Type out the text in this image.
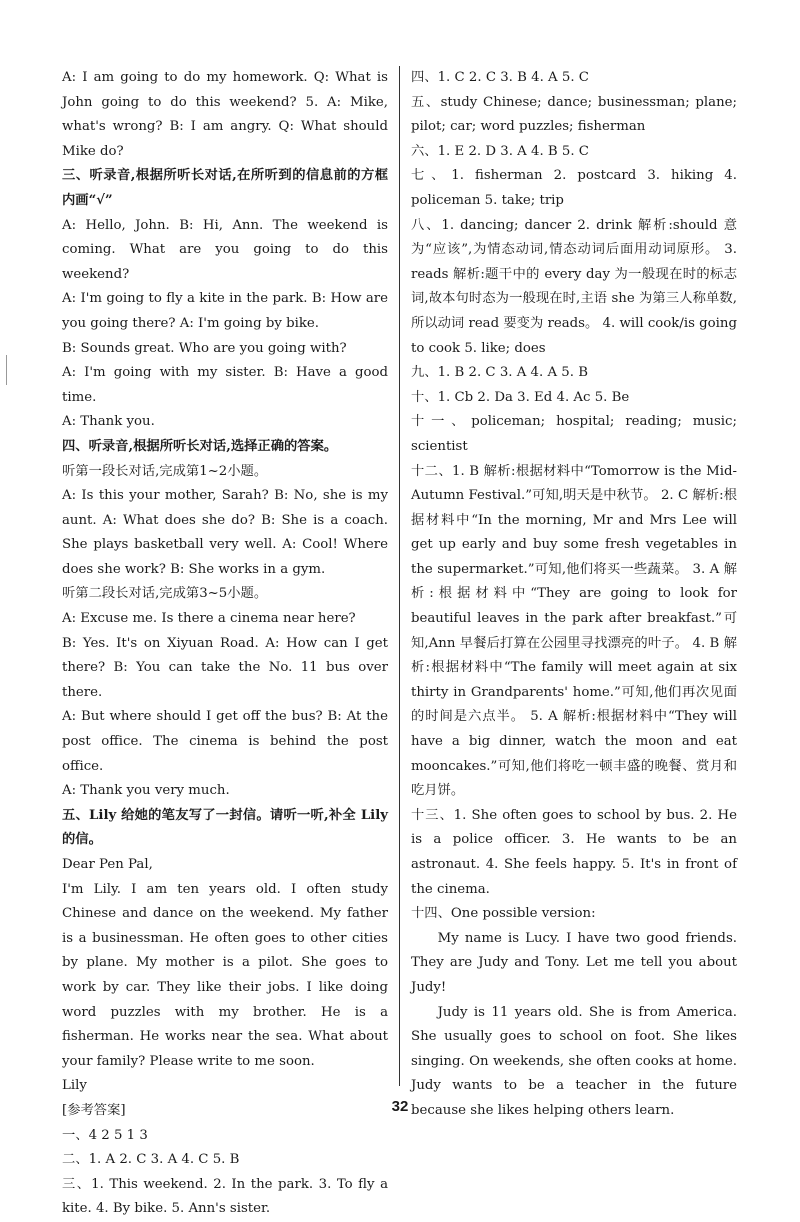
A: I am going to do my homework. Q: What is John going to do this weekend? 5. A: Mike, what's wrong? B: I am angry. Q: What should Mike do?
三、听录音,根据所听长对话,在所听到的信息前的方框内画“√”
A: Hello, John. B: Hi, Ann. The weekend is coming. What are you going to do this weekend?
A: I'm going to fly a kite in the park. B: How are you going there? A: I'm going by bike.
B: Sounds great. Who are you going with?
A: I'm going with my sister. B: Have a good time.
A: Thank you.
四、听录音,根据所听长对话,选择正确的答案。
听第一段长对话,完成第1~2小题。
A: Is this your mother, Sarah? B: No, she is my aunt. A: What does she do? B: She is a coach. She plays basketball very well. A: Cool! Where does she work? B: She works in a gym.
听第二段长对话,完成第3~5小题。
A: Excuse me. Is there a cinema near here?
B: Yes. It's on Xiyuan Road. A: How can I get there? B: You can take the No. 11 bus over there.
A: But where should I get off the bus? B: At the post office. The cinema is behind the post office.
A: Thank you very much.
五、Lily 给她的笔友写了一封信。请听一听,补全 Lily 的信。
Dear Pen Pal,
I'm Lily. I am ten years old. I often study Chinese and dance on the weekend. My father is a businessman. He often goes to other cities by plane. My mother is a pilot. She goes to work by car. They like their jobs. I like doing word puzzles with my brother. He is a fisherman. He works near the sea. What about your family? Please write to me soon.
Lily
[参考答案]
一、4 2 5 1 3
二、1. A 2. C 3. A 4. C 5. B
三、1. This weekend. 2. In the park. 3. To fly a kite. 4. By bike. 5. Ann's sister.
四、1. C 2. C 3. B 4. A 5. C
五、study Chinese; dance; businessman; plane; pilot; car; word puzzles; fisherman
六、1. E 2. D 3. A 4. B 5. C
七、1. fisherman 2. postcard 3. hiking 4. policeman 5. take; trip
八、1. dancing; dancer 2. drink 解析:should 意为“应该”,为情态动词,情态动词后面用动词原形。 3. reads 解析:题干中的 every day 为一般现在时的标志词,故本句时态为一般现在时,主语 she 为第三人称单数,所以动词 read 要变为 reads。 4. will cook/is going to cook 5. like; does
九、1. B 2. C 3. A 4. A 5. B
十、1. Cb 2. Da 3. Ed 4. Ac 5. Be
十一、policeman; hospital; reading; music; scientist
十二、1. B 解析:根据材料中“Tomorrow is the Mid-Autumn Festival.”可知,明天是中秋节。 2. C 解析:根据材料中“In the morning, Mr and Mrs Lee will get up early and buy some fresh vegetables in the supermarket.”可知,他们将买一些蔬菜。 3. A 解析:根据材料中“They are going to look for beautiful leaves in the park after breakfast.”可知,Ann 早餐后打算在公园里寻找漂亮的叶子。 4. B 解析:根据材料中“The family will meet again at six thirty in Grandparents' home.”可知,他们再次见面的时间是六点半。 5. A 解析:根据材料中“They will have a big dinner, watch the moon and eat mooncakes.”可知,他们将吃一顿丰盛的晚餐、赏月和吃月饼。
十三、1. She often goes to school by bus. 2. He is a police officer. 3. He wants to be an astronaut. 4. She feels happy. 5. It's in front of the cinema.
十四、One possible version:
My name is Lucy. I have two good friends. They are Judy and Tony. Let me tell you about Judy!
Judy is 11 years old. She is from America. She usually goes to school on foot. She likes singing. On weekends, she often cooks at home. Judy wants to be a teacher in the future because she likes helping others learn.
32
